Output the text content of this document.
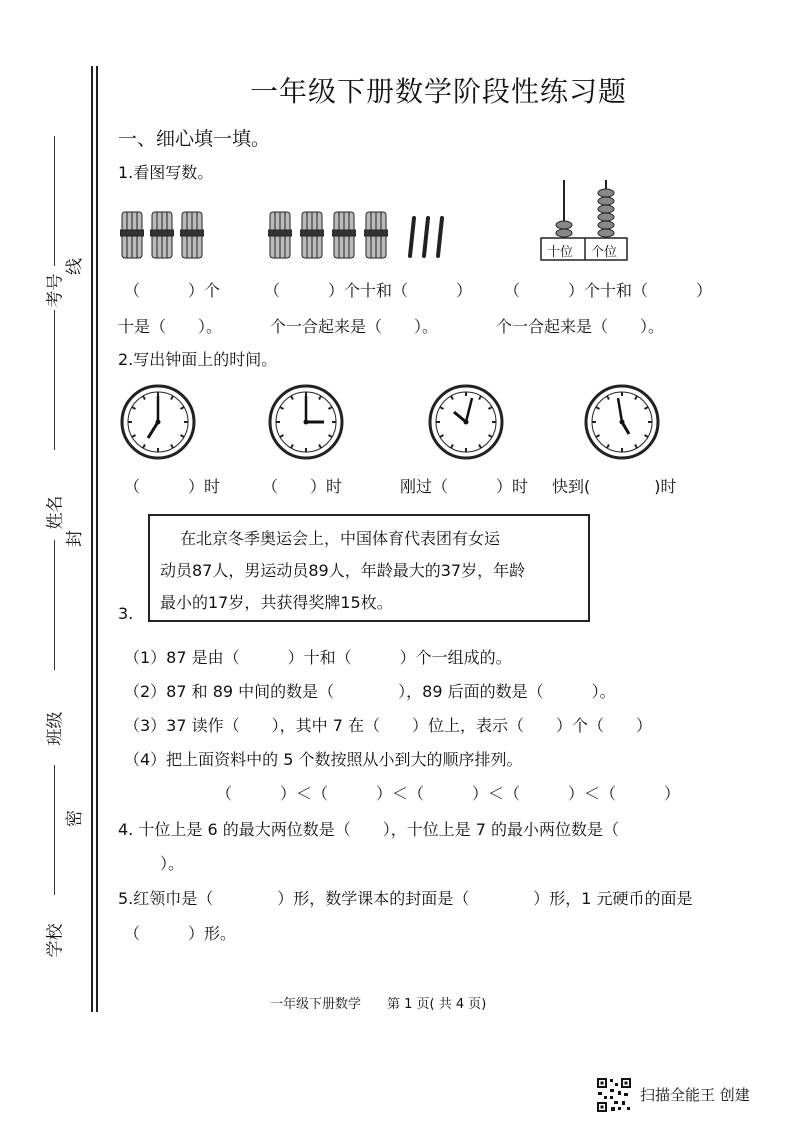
考号
线
姓名
封
班级
密
学校
一年级下册数学阶段性练习题
一、细心填一填。
1.看图写数。
十位 个位
（　　　）个	（　　　）个十和（　　　） （　　　）个十和（　　　）
十是（　　）。	个一合起来是（　　）。	个一合起来是（　　）。
2.写出钟面上的时间。
（　　　）时	（　　）时	刚过（　　　）时 快到(　　　　)时
在北京冬季奥运会上，中国体育代表团有女运
动员87人，男运动员89人，年龄最大的37岁，年龄
最小的17岁，共获得奖牌15枚。
3.
（1）87 是由（　　　）十和（　　　）个一组成的。
（2）87 和 89 中间的数是（　　　　），89 后面的数是（　　　）。
（3）37 读作（　　），其中 7 在（　　）位上，表示（　　）个（　　）
（4）把上面资料中的 5 个数按照从小到大的顺序排列。
（　　　）＜（　　　）＜（　　　）＜（　　　）＜（　　　）
4. 十位上是 6 的最大两位数是（　　），十位上是 7 的最小两位数是（
）。
5.红领巾是（　　　　）形，数学课本的封面是（　　　　）形，1 元硬币的面是
（　　　）形。
一年级下册数学　　第 1 页( 共 4 页)
扫描全能王 创建
